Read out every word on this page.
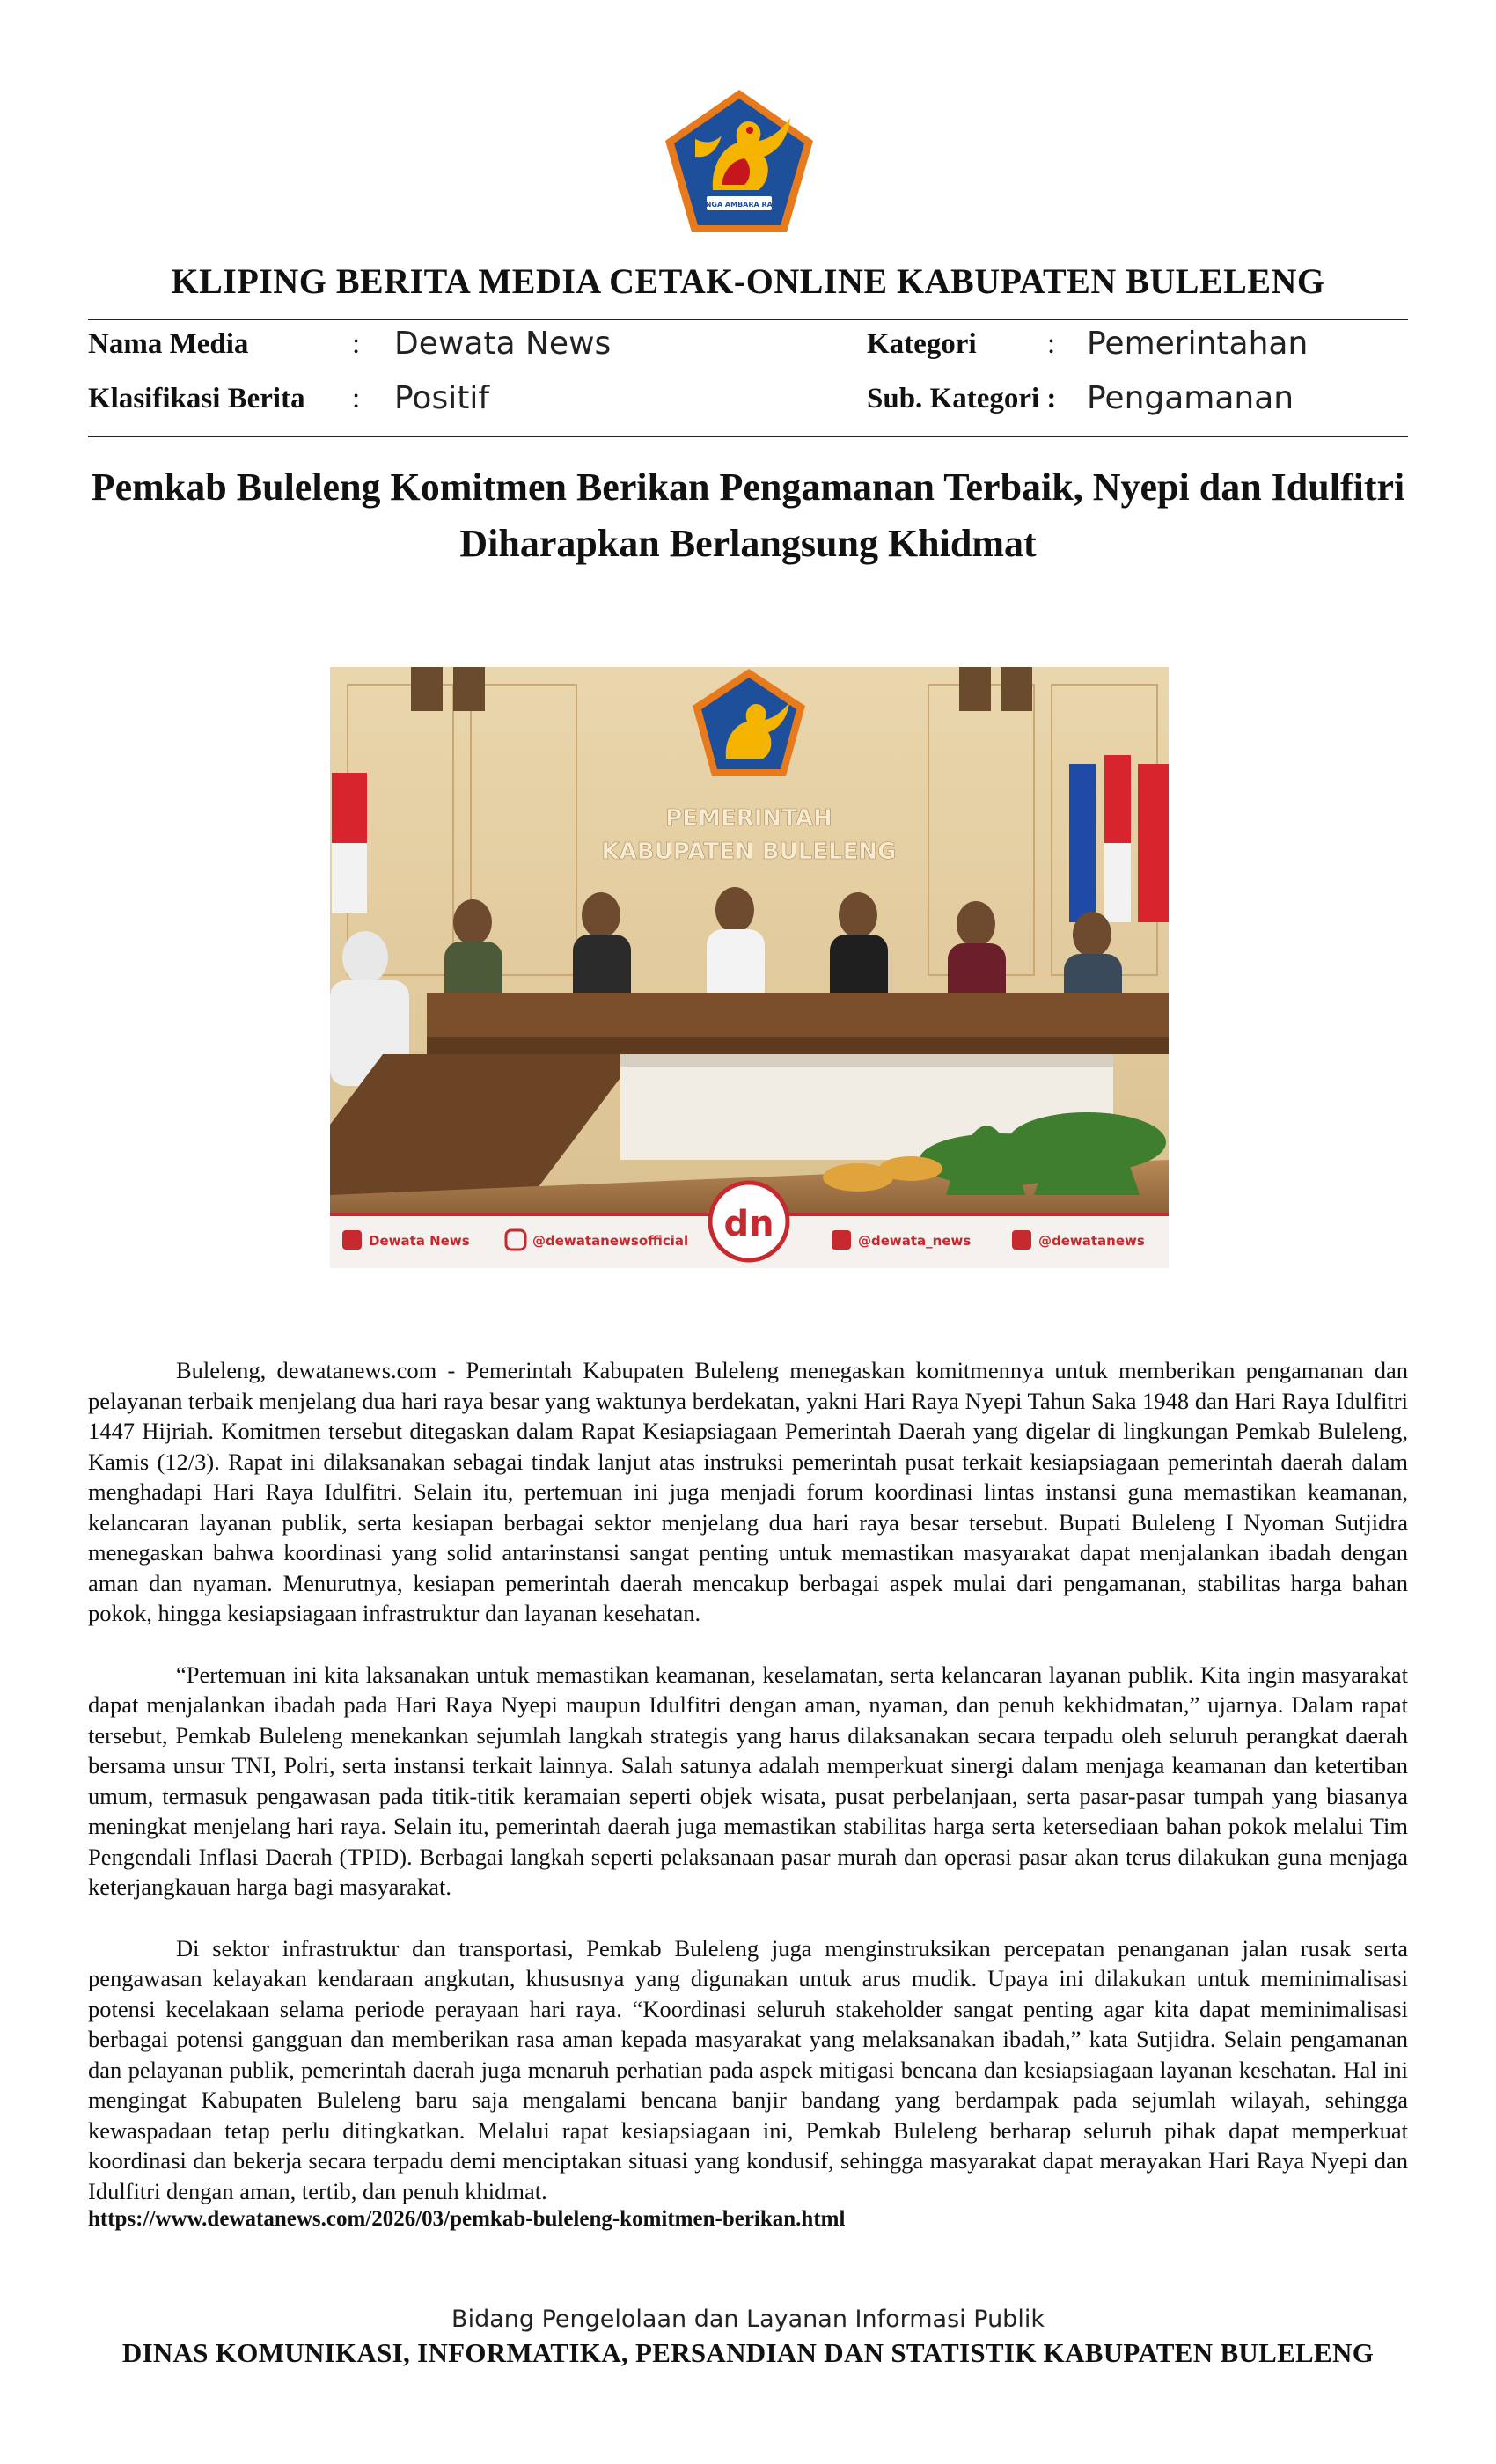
SINGA AMBARA RAJA
KLIPING BERITA MEDIA CETAK-ONLINE KABUPATEN BULELENG
Nama Media	: Dewata News	Kategori : Pemerintahan
Klasifikasi Berita : Positif	Sub. Kategori : Pengamanan
Pemkab Buleleng Komitmen Berikan Pengamanan Terbaik, Nyepi dan Idulfitri Diharapkan Berlangsung Khidmat
PEMERINTAH
KABUPATEN BULELENG
Dewata News	@dewatanewsofficial dn	@dewata_news	@dewatanews

Buleleng, dewatanews.com - Pemerintah Kabupaten Buleleng menegaskan komitmennya untuk memberikan pengamanan dan pelayanan terbaik menjelang dua hari raya besar yang waktunya berdekatan, yakni Hari Raya Nyepi Tahun Saka 1948 dan Hari Raya Idulfitri 1447 Hijriah. Komitmen tersebut ditegaskan dalam Rapat Kesiapsiagaan Pemerintah Daerah yang digelar di lingkungan Pemkab Buleleng, Kamis (12/3). Rapat ini dilaksanakan sebagai tindak lanjut atas instruksi pemerintah pusat terkait kesiapsiagaan pemerintah daerah dalam menghadapi Hari Raya Idulfitri. Selain itu, pertemuan ini juga menjadi forum koordinasi lintas instansi guna memastikan keamanan, kelancaran layanan publik, serta kesiapan berbagai sektor menjelang dua hari raya besar tersebut. Bupati Buleleng I Nyoman Sutjidra menegaskan bahwa koordinasi yang solid antarinstansi sangat penting untuk memastikan masyarakat dapat menjalankan ibadah dengan aman dan nyaman. Menurutnya, kesiapan pemerintah daerah mencakup berbagai aspek mulai dari pengamanan, stabilitas harga bahan pokok, hingga kesiapsiagaan infrastruktur dan layanan kesehatan.

“Pertemuan ini kita laksanakan untuk memastikan keamanan, keselamatan, serta kelancaran layanan publik. Kita ingin masyarakat dapat menjalankan ibadah pada Hari Raya Nyepi maupun Idulfitri dengan aman, nyaman, dan penuh kekhidmatan,” ujarnya. Dalam rapat tersebut, Pemkab Buleleng menekankan sejumlah langkah strategis yang harus dilaksanakan secara terpadu oleh seluruh perangkat daerah bersama unsur TNI, Polri, serta instansi terkait lainnya. Salah satunya adalah memperkuat sinergi dalam menjaga keamanan dan ketertiban umum, termasuk pengawasan pada titik-titik keramaian seperti objek wisata, pusat perbelanjaan, serta pasar-pasar tumpah yang biasanya meningkat menjelang hari raya. Selain itu, pemerintah daerah juga memastikan stabilitas harga serta ketersediaan bahan pokok melalui Tim Pengendali Inflasi Daerah (TPID). Berbagai langkah seperti pelaksanaan pasar murah dan operasi pasar akan terus dilakukan guna menjaga keterjangkauan harga bagi masyarakat.

Di sektor infrastruktur dan transportasi, Pemkab Buleleng juga menginstruksikan percepatan penanganan jalan rusak serta pengawasan kelayakan kendaraan angkutan, khususnya yang digunakan untuk arus mudik. Upaya ini dilakukan untuk meminimalisasi potensi kecelakaan selama periode perayaan hari raya. “Koordinasi seluruh stakeholder sangat penting agar kita dapat meminimalisasi berbagai potensi gangguan dan memberikan rasa aman kepada masyarakat yang melaksanakan ibadah,” kata Sutjidra. Selain pengamanan dan pelayanan publik, pemerintah daerah juga menaruh perhatian pada aspek mitigasi bencana dan kesiapsiagaan layanan kesehatan. Hal ini mengingat Kabupaten Buleleng baru saja mengalami bencana banjir bandang yang berdampak pada sejumlah wilayah, sehingga kewaspadaan tetap perlu ditingkatkan. Melalui rapat kesiapsiagaan ini, Pemkab Buleleng berharap seluruh pihak dapat memperkuat koordinasi dan bekerja secara terpadu demi menciptakan situasi yang kondusif, sehingga masyarakat dapat merayakan Hari Raya Nyepi dan Idulfitri dengan aman, tertib, dan penuh khidmat.

https://www.dewatanews.com/2026/03/pemkab-buleleng-komitmen-berikan.html
Bidang Pengelolaan dan Layanan Informasi Publik
DINAS KOMUNIKASI, INFORMATIKA, PERSANDIAN DAN STATISTIK KABUPATEN BULELENG
